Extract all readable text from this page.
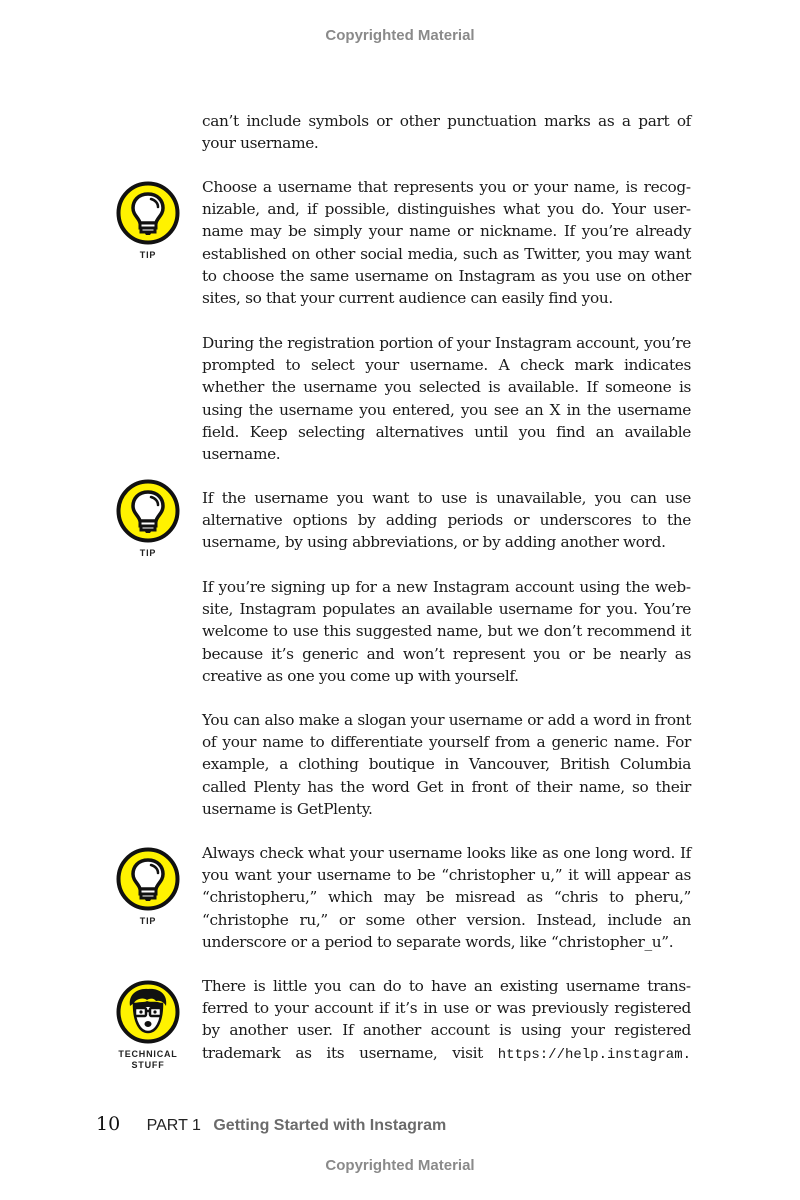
Copyrighted Material
can’t include symbols or other punctuation marks as a part of your username.
TIP
Choose a username that represents you or your name, is recognizable, and, if possible, distinguishes what you do. Your username may be simply your name or nickname. If you’re already established on other social media, such as Twitter, you may want to choose the same username on Instagram as you use on other sites, so that your current audience can easily find you.
During the registration portion of your Instagram account, you’re prompted to select your username. A check mark indicates whether the username you selected is available. If someone is using the username you entered, you see an X in the username field. Keep selecting alternatives until you find an available username.
TIP
If the username you want to use is unavailable, you can use alternative options by adding periods or underscores to the username, by using abbreviations, or by adding another word.
If you’re signing up for a new Instagram account using the website, Instagram populates an available username for you. You’re welcome to use this suggested name, but we don’t recommend it because it’s generic and won’t represent you or be nearly as creative as one you come up with yourself.
You can also make a slogan your username or add a word in front of your name to differentiate yourself from a generic name. For example, a clothing boutique in Vancouver, British Columbia called Plenty has the word Get in front of their name, so their username is GetPlenty.
TIP
Always check what your username looks like as one long word. If you want your username to be “christopher u,” it will appear as “christopheru,” which may be misread as “chris to pheru,” “christophe ru,” or some other version. Instead, include an underscore or a period to separate words, like “christopher_u”.
TECHNICAL
STUFF
There is little you can do to have an existing username transferred to your account if it’s in use or was previously registered by another user. If another account is using your registered trademark as its username, visit https://help.instagram.
10 PART 1 Getting Started with Instagram
Copyrighted Material
